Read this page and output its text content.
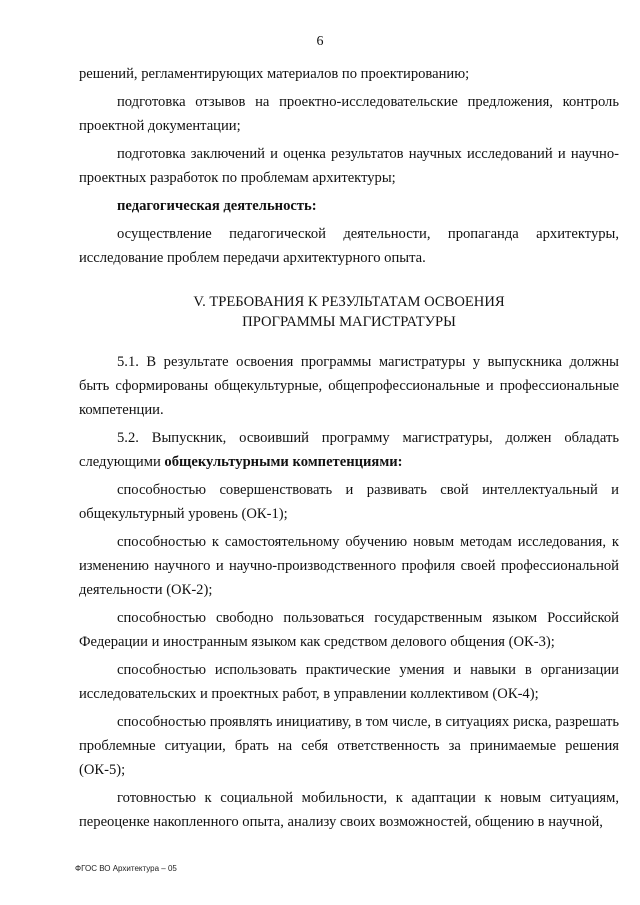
6

решений, регламентирующих материалов по проектированию;

подготовка отзывов на проектно-исследовательские предложения, контроль проектной документации;

подготовка заключений и оценка результатов научных исследований и научно-проектных разработок по проблемам архитектуры;

педагогическая деятельность:

осуществление педагогической деятельности, пропаганда архитектуры, исследование проблем передачи архитектурного опыта.

V. ТРЕБОВАНИЯ К РЕЗУЛЬТАТАМ ОСВОЕНИЯ
ПРОГРАММЫ МАГИСТРАТУРЫ

5.1. В результате освоения программы магистратуры у выпускника должны быть сформированы общекультурные, общепрофессиональные и профессиональные компетенции.

5.2. Выпускник, освоивший программу магистратуры, должен обладать

следующими общекультурными компетенциями:

способностью совершенствовать и развивать свой интеллектуальный и общекультурный уровень (ОК-1);

способностью к самостоятельному обучению новым методам исследования, к изменению научного и научно-производственного профиля своей профессиональной деятельности (ОК-2);

способностью свободно пользоваться государственным языком Российской Федерации и иностранным языком как средством делового общения (ОК-3);

способностью использовать практические умения и навыки в организации исследовательских и проектных работ, в управлении коллективом (ОК-4);

способностью проявлять инициативу, в том числе, в ситуациях риска, разрешать проблемные ситуации, брать на себя ответственность за принимаемые решения (ОК-5);

готовностью к социальной мобильности, к адаптации к новым ситуациям, переоценке накопленного опыта, анализу своих возможностей, общению в научной,

ФГОС ВО Архитектура – 05
